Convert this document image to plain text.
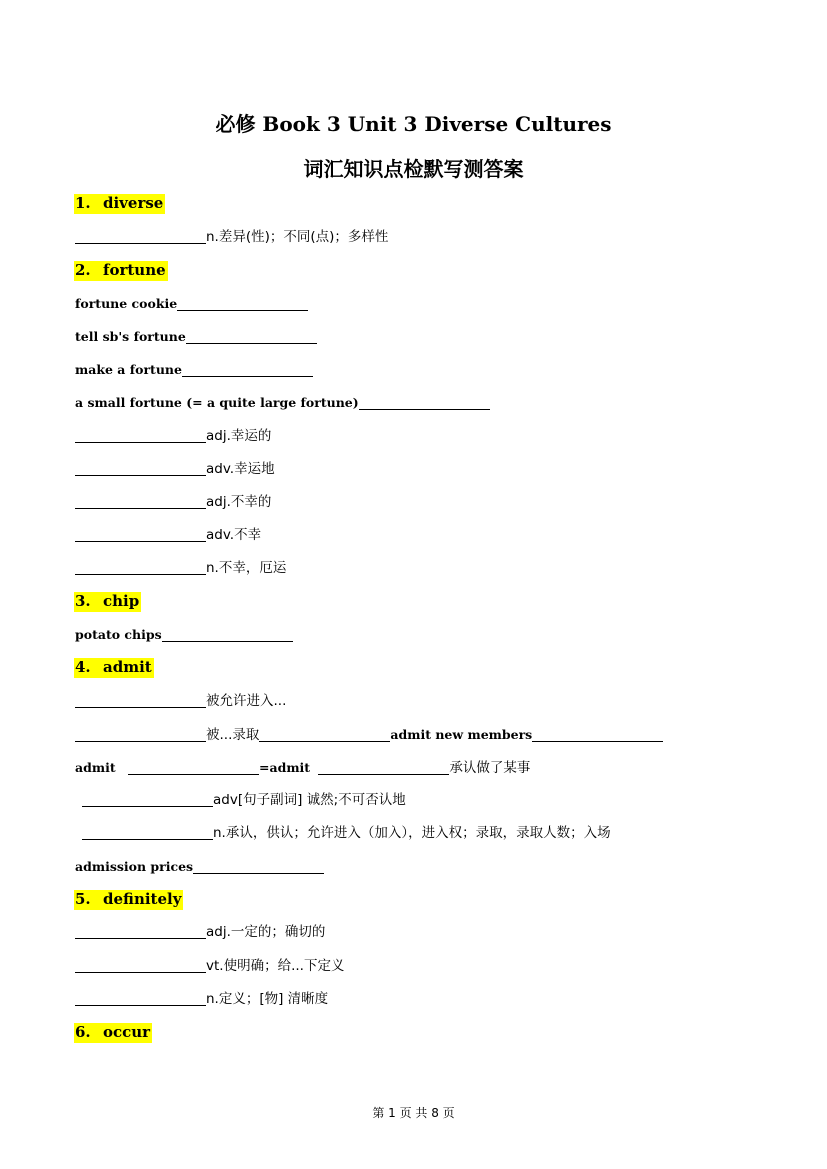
必修 Book 3 Unit 3 Diverse Cultures
词汇知识点检默写测答案
1. diverse
n.差异(性)；不同(点)；多样性
2. fortune
fortune cookie
tell sb's fortune
make a fortune
a small fortune (= a quite large fortune)
adj.幸运的
adv.幸运地
adj.不幸的
adv.不幸
n.不幸，厄运
3. chip
potato chips
4. admit
被允许进入...
被...录取	admit new members
admit	=admit	承认做了某事
adv[句子副词] 诚然;不可否认地
n.承认，供认；允许进入（加入），进入权；录取，录取人数；入场
admission prices
5. definitely
adj.一定的；确切的
vt.使明确；给...下定义
n.定义；[物] 清晰度
6. occur
第 1 页 共 8 页
